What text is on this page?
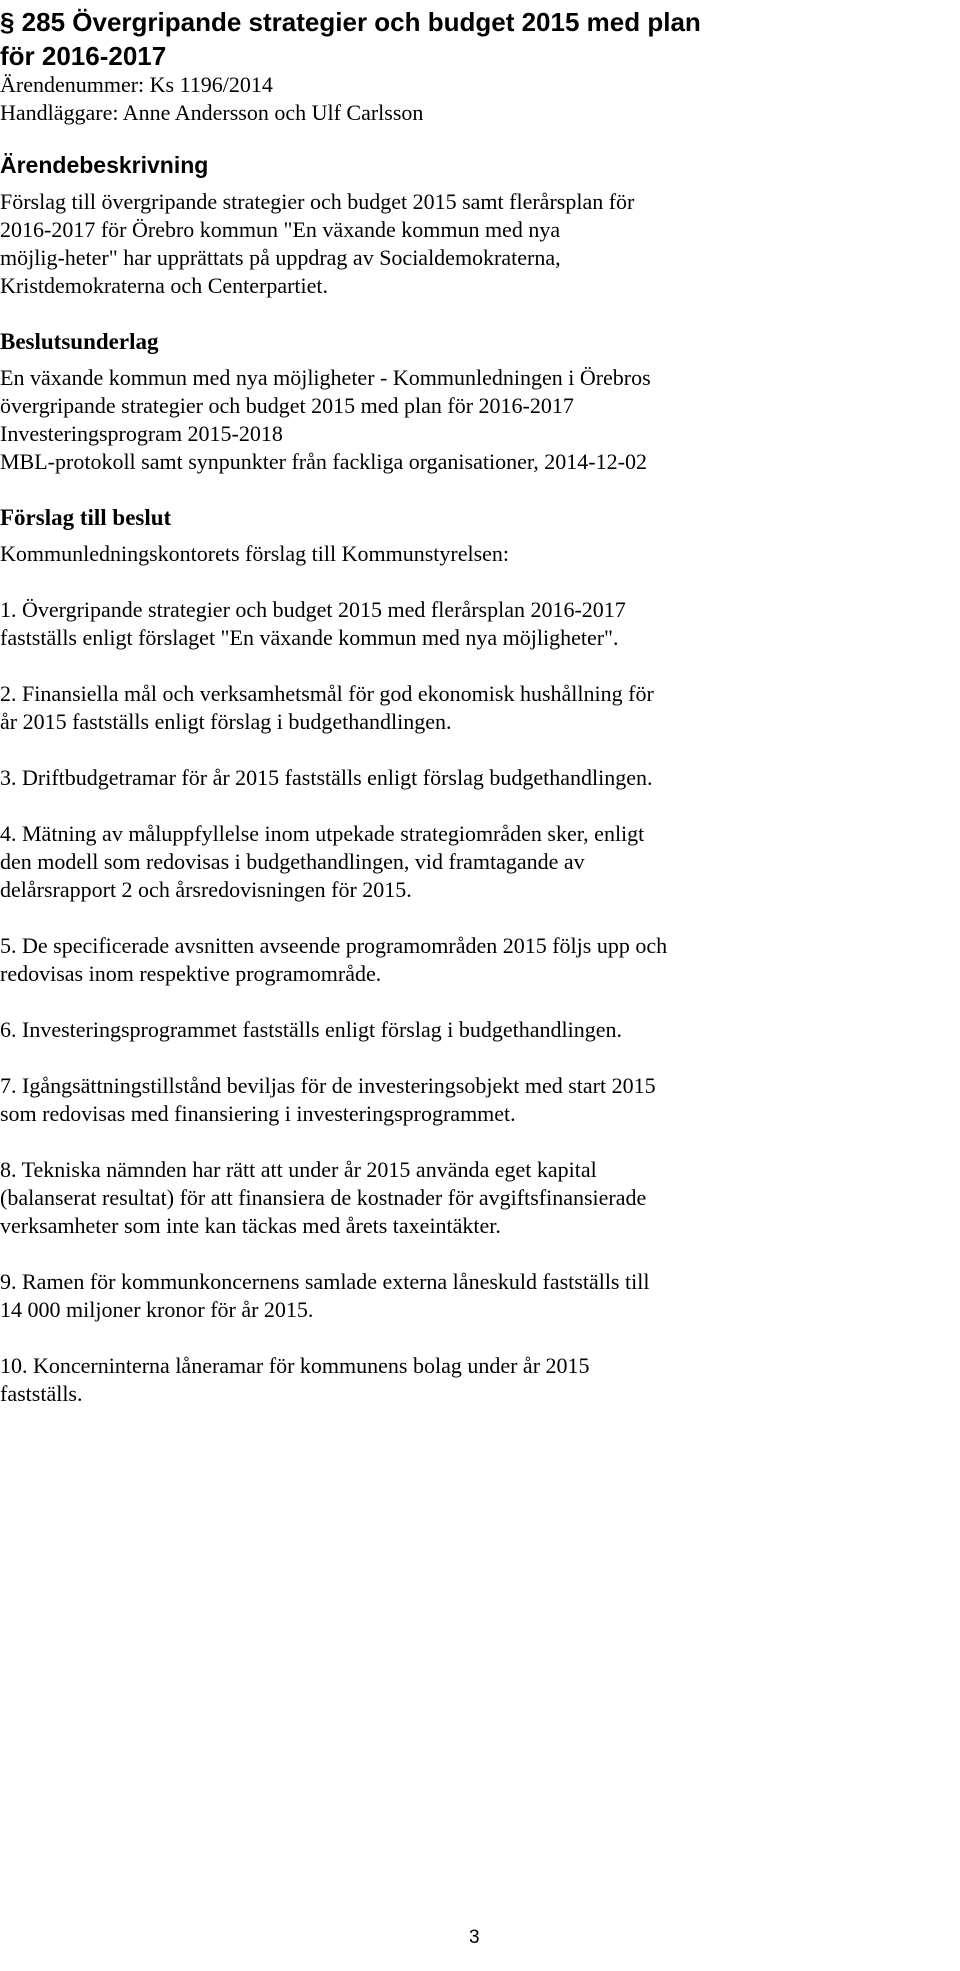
§ 285 Övergripande strategier och budget 2015 med plan
för 2016-2017
Ärendenummer: Ks 1196/2014
Handläggare: Anne Andersson och Ulf Carlsson
Ärendebeskrivning
Förslag till övergripande strategier och budget 2015 samt flerårsplan för
2016-2017 för Örebro kommun "En växande kommun med nya
möjlig-heter" har upprättats på uppdrag av Socialdemokraterna,
Kristdemokraterna och Centerpartiet.
Beslutsunderlag
En växande kommun med nya möjligheter - Kommunledningen i Örebros
övergripande strategier och budget 2015 med plan för 2016-2017
Investeringsprogram 2015-2018
MBL-protokoll samt synpunkter från fackliga organisationer, 2014-12-02
Förslag till beslut
Kommunledningskontorets förslag till Kommunstyrelsen:
1. Övergripande strategier och budget 2015 med flerårsplan 2016-2017
fastställs enligt förslaget "En växande kommun med nya möjligheter".
2. Finansiella mål och verksamhetsmål för god ekonomisk hushållning för
år 2015 fastställs enligt förslag i budgethandlingen.
3. Driftbudgetramar för år 2015 fastställs enligt förslag budgethandlingen.
4. Mätning av måluppfyllelse inom utpekade strategiområden sker, enligt
den modell som redovisas i budgethandlingen, vid framtagande av
delårsrapport 2 och årsredovisningen för 2015.
5. De specificerade avsnitten avseende programområden 2015 följs upp och
redovisas inom respektive programområde.
6. Investeringsprogrammet fastställs enligt förslag i budgethandlingen.
7. Igångsättningstillstånd beviljas för de investeringsobjekt med start 2015
som redovisas med finansiering i investeringsprogrammet.
8. Tekniska nämnden har rätt att under år 2015 använda eget kapital
(balanserat resultat) för att finansiera de kostnader för avgiftsfinansierade
verksamheter som inte kan täckas med årets taxeintäkter.
9. Ramen för kommunkoncernens samlade externa låneskuld fastställs till
14 000 miljoner kronor för år 2015.
10. Koncerninterna låneramar för kommunens bolag under år 2015
fastställs.
3
